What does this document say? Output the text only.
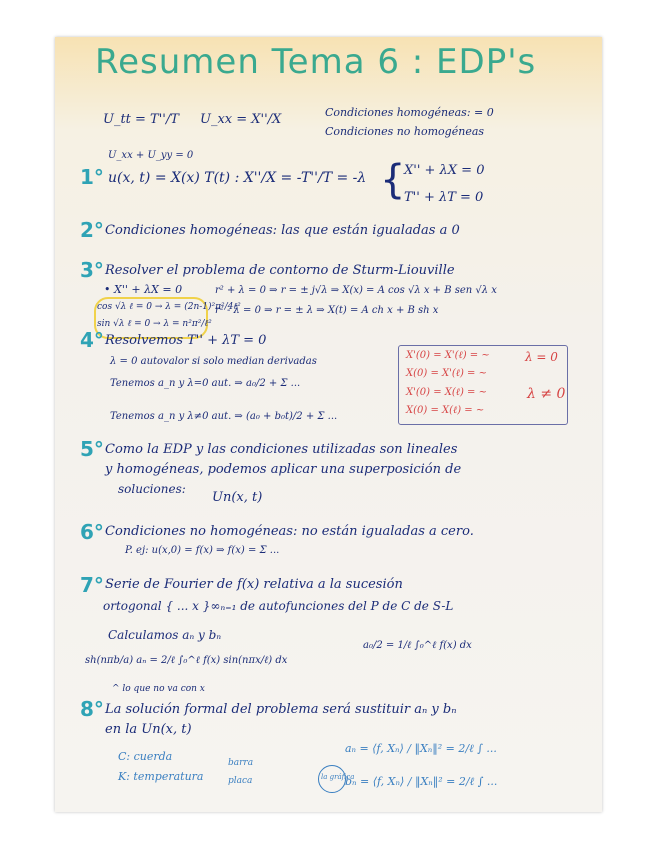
Resumen Tema 6 : EDP's
U_tt = T''/T U_xx = X''/X	Condiciones homogéneas: = 0
Condiciones no homogéneas
U_xx + U_yy = 0
1° u(x, t) = X(x) T(t) : X''/X = -T''/T = -λ {
X'' + λX = 0
T'' + λT = 0
2° Condiciones homogéneas: las que están igualadas a 0
3° Resolver el problema de contorno de Sturm-Liouville
• X'' + λX = 0
cos √λ ℓ = 0 → λ = (2n-1)²π²/4ℓ²
sin √λ ℓ = 0 → λ = n²π²/ℓ²
r² + λ = 0 ⇒ r = ± j√λ ⇒ X(x) = A cos √λ x + B sen √λ x
r² - λ = 0 ⇒ r = ± λ ⇒ X(t) = A ch x + B sh x
4° Resolvemos T'' + λT = 0
λ = 0 autovalor si solo median derivadas
Tenemos a_n y λ=0 aut. ⇒ a₀/2 + Σ ...
Tenemos a_n y λ≠0 aut. ⇒ (a₀ + b₀t)/2 + Σ ...
X'(0) = X'(ℓ) = ~
X(0) = X'(ℓ) = ~
X'(0) = X(ℓ) = ~
X(0) = X(ℓ) = ~
λ = 0
λ ≠ 0
5° Como la EDP y las condiciones utilizadas son lineales
y homogéneas, podemos aplicar una superposición de
soluciones:
Un(x, t)
6° Condiciones no homogéneas: no están igualadas a cero.
P. ej: u(x,0) = f(x) ⇒ f(x) = Σ ...
7° Serie de Fourier de f(x) relativa a la sucesión
ortogonal { ... x }∞ₙ₌₁ de autofunciones del P de C de S-L
Calculamos aₙ y bₙ
sh(nπb/a) aₙ = 2/ℓ ∫₀^ℓ f(x) sin(nπx/ℓ) dx
a₀/2 = 1/ℓ ∫₀^ℓ f(x) dx
^ lo que no va con x
8° La solución formal del problema será sustituir aₙ y bₙ
en la Un(x, t)
C: cuerda
K: temperatura
barra
placa
aₙ = ⟨f, Xₙ⟩ / ‖Xₙ‖² = 2/ℓ ∫ ...
la gráfica
bₙ = ⟨f, Xₙ⟩ / ‖Xₙ‖² = 2/ℓ ∫ ...
